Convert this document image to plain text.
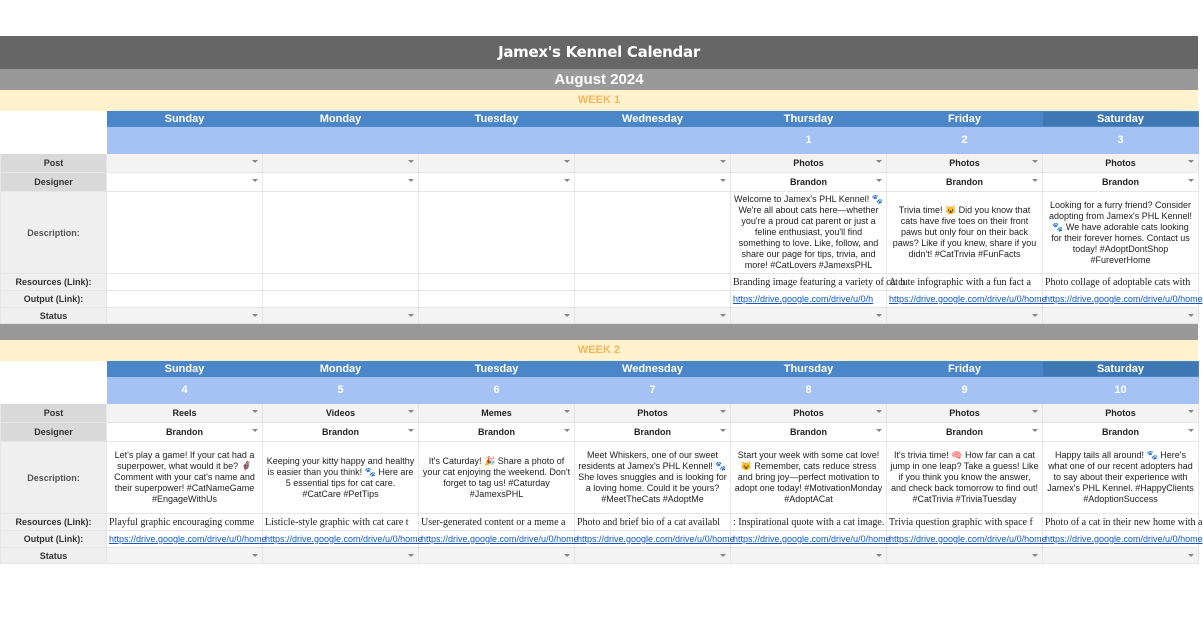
Jamex's Kennel Calendar
August 2024
WEEK 1
	Sunday	Monday	Tuesday	Wednesday	Thursday	Friday	Saturday
					1	2	3
Post					Photos	Photos	Photos

Designer					Brandon	Brandon	Brandon

Description:					Welcome to Jamex's PHL Kennel! 🐾 We're all about cats here—whether you're a proud cat parent or just a feline enthusiast, you'll find something to love. Like, follow, and share our page for tips, trivia, and more! #CatLovers #JamexsPHL	Trivia time! 😺 Did you know that cats have five toes on their front paws but only four on their back paws? Like if you knew, share if you didn't! #CatTrivia #FunFacts	Looking for a furry friend? Consider adopting from Jamex's PHL Kennel! 🐾 We have adorable cats looking for their forever homes. Contact us today! #AdoptDontShop #FureverHome
Resources (Link):					Branding image featuring a variety of cat b	A cute infographic with a fun fact a	Photo collage of adoptable cats with
Output (Link):					https://drive.google.com/drive/u/0/h	https://drive.google.com/drive/u/0/home	https://drive.google.com/drive/u/0/home
Status	

WEEK 2
	Sunday	Monday	Tuesday	Wednesday	Thursday	Friday	Saturday
	4	5	6	7	8	9	10
Post	Reels	Videos	Memes	Photos	Photos	Photos	Photos

Designer	Brandon	Brandon	Brandon	Brandon	Brandon	Brandon	Brandon

Description:	Let's play a game! If your cat had a superpower, what would it be? 🦸 Comment with your cat's name and their superpower! #CatNameGame #EngageWithUs	Keeping your kitty happy and healthy is easier than you think! 🐾 Here are 5 essential tips for cat care. #CatCare #PetTips	It's Caturday! 🎉 Share a photo of your cat enjoying the weekend. Don't forget to tag us! #Caturday #JamexsPHL	Meet Whiskers, one of our sweet residents at Jamex's PHL Kennel! 🐾 She loves snuggles and is looking for a loving home. Could it be yours? #MeetTheCats #AdoptMe	Start your week with some cat love! 😺 Remember, cats reduce stress and bring joy—perfect motivation to adopt one today! #MotivationMonday #AdoptACat	It's trivia time! 🧠 How far can a cat jump in one leap? Take a guess! Like if you think you know the answer, and check back tomorrow to find out! #CatTrivia #TriviaTuesday	Happy tails all around! 🐾 Here's what one of our recent adopters had to say about their experience with Jamex's PHL Kennel. #HappyClients #AdoptionSuccess
Resources (Link):	Playful graphic encouraging comme	Listicle-style graphic with cat care t	User-generated content or a meme a	Photo and brief bio of a cat availabl	: Inspirational quote with a cat image.	Trivia question graphic with space f	Photo of a cat in their new home with a
Output (Link):	https://drive.google.com/drive/u/0/home	https://drive.google.com/drive/u/0/home	https://drive.google.com/drive/u/0/home	https://drive.google.com/drive/u/0/home	https://drive.google.com/drive/u/0/home	https://drive.google.com/drive/u/0/home	https://drive.google.com/drive/u/0/home
Status	
